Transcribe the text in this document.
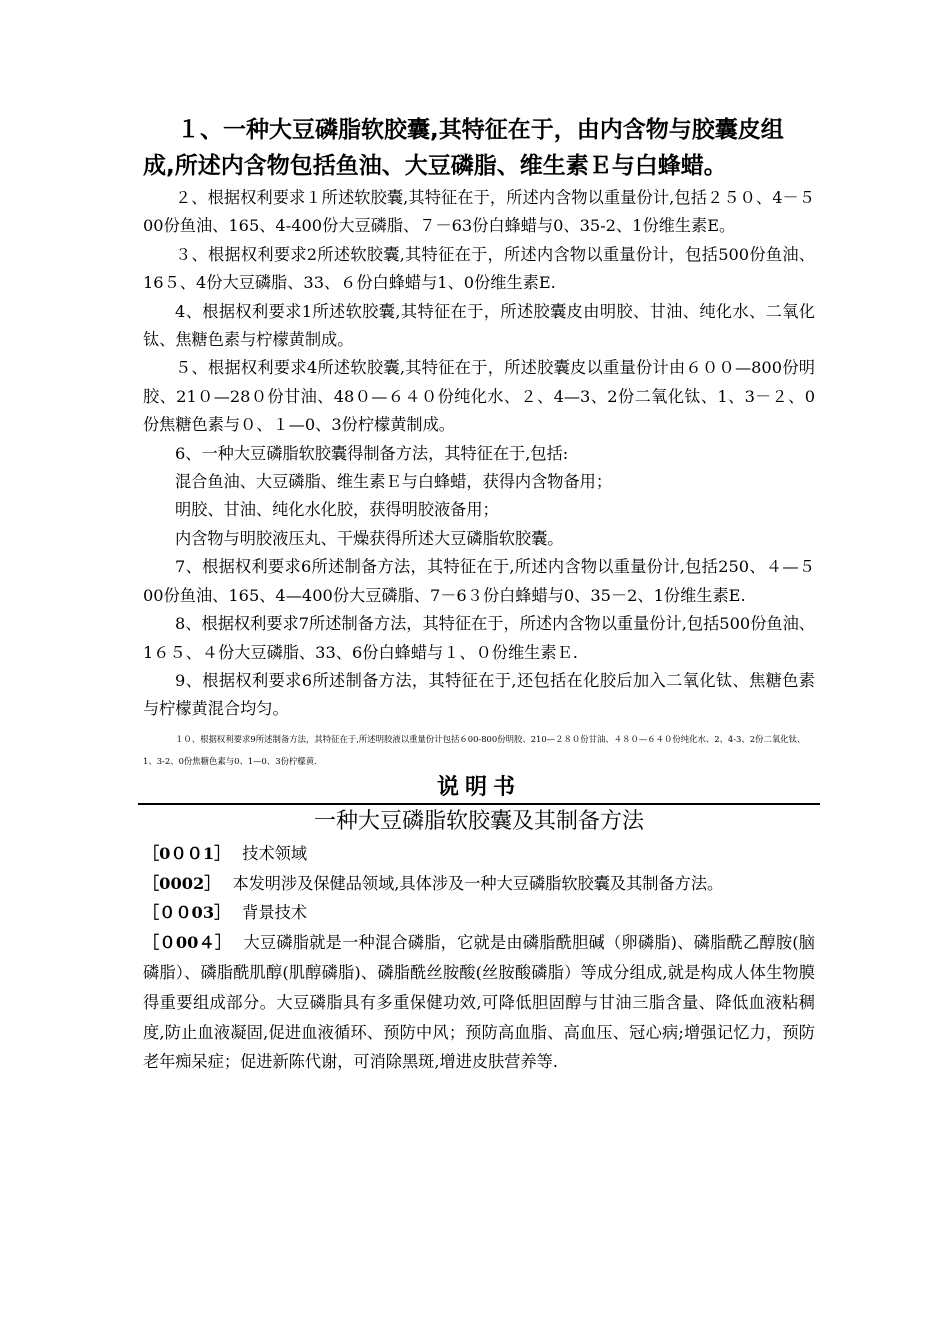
１、一种大豆磷脂软胶囊,其特征在于，由内含物与胶囊皮组成,所述内含物包括鱼油、大豆磷脂、维生素Ｅ与白蜂蜡。

２、根据权利要求１所述软胶囊,其特征在于，所述内含物以重量份计,包括２５０、4－５00份鱼油、165、4-400份大豆磷脂、７－63份白蜂蜡与0、35-2、1份维生素E。

３、根据权利要求2所述软胶囊,其特征在于，所述内含物以重量份计，包括500份鱼油、16５、4份大豆磷脂、33、６份白蜂蜡与1、0份维生素E.

4、根据权利要求1所述软胶囊,其特征在于，所述胶囊皮由明胶、甘油、纯化水、二氧化钛、焦糖色素与柠檬黄制成。

５、根据权利要求4所述软胶囊,其特征在于，所述胶囊皮以重量份计由６００—800份明胶、21０—28０份甘油、48０—６４０份纯化水、２、4—3、2份二氧化钛、1、3－２、0份焦糖色素与０、１—0、3份柠檬黄制成。

6、一种大豆磷脂软胶囊得制备方法，其特征在于,包括:

混合鱼油、大豆磷脂、维生素Ｅ与白蜂蜡，获得内含物备用；

明胶、甘油、纯化水化胶，获得明胶液备用；

内含物与明胶液压丸、干燥获得所述大豆磷脂软胶囊。

7、根据权利要求6所述制备方法，其特征在于,所述内含物以重量份计,包括250、４—５00份鱼油、165、4—400份大豆磷脂、7－6３份白蜂蜡与0、35－2、1份维生素E.

8、根据权利要求7所述制备方法，其特征在于，所述内含物以重量份计,包括500份鱼油、1６５、４份大豆磷脂、33、6份白蜂蜡与１、０份维生素Ｅ.

9、根据权利要求6所述制备方法，其特征在于,还包括在化胶后加入二氧化钛、焦糖色素与柠檬黄混合均匀。

１０、根据权利要求9所述制备方法，其特征在于,所述明胶液以重量份计包括６00-800份明胶、210—２８０份甘油、４８０—６４０份纯化水、2、4-3、2份二氧化钛、1、3-2、0份焦糖色素与0、1—0、3份柠檬黄.

说明书
一种大豆磷脂软胶囊及其制备方法

［0００1］ 技术领域

［0002］ 本发明涉及保健品领域,具体涉及一种大豆磷脂软胶囊及其制备方法。

［００03］ 背景技术

［０00４］ 大豆磷脂就是一种混合磷脂，它就是由磷脂酰胆碱（卵磷脂)、磷脂酰乙醇胺(脑磷脂）、磷脂酰肌醇(肌醇磷脂)、磷脂酰丝胺酸(丝胺酸磷脂）等成分组成,就是构成人体生物膜得重要组成部分。大豆磷脂具有多重保健功效,可降低胆固醇与甘油三脂含量、降低血液粘稠度,防止血液凝固,促进血液循环、预防中风；预防高血脂、高血压、冠心病;增强记忆力，预防老年痴呆症；促进新陈代谢，可消除黑斑,增进皮肤营养等.
